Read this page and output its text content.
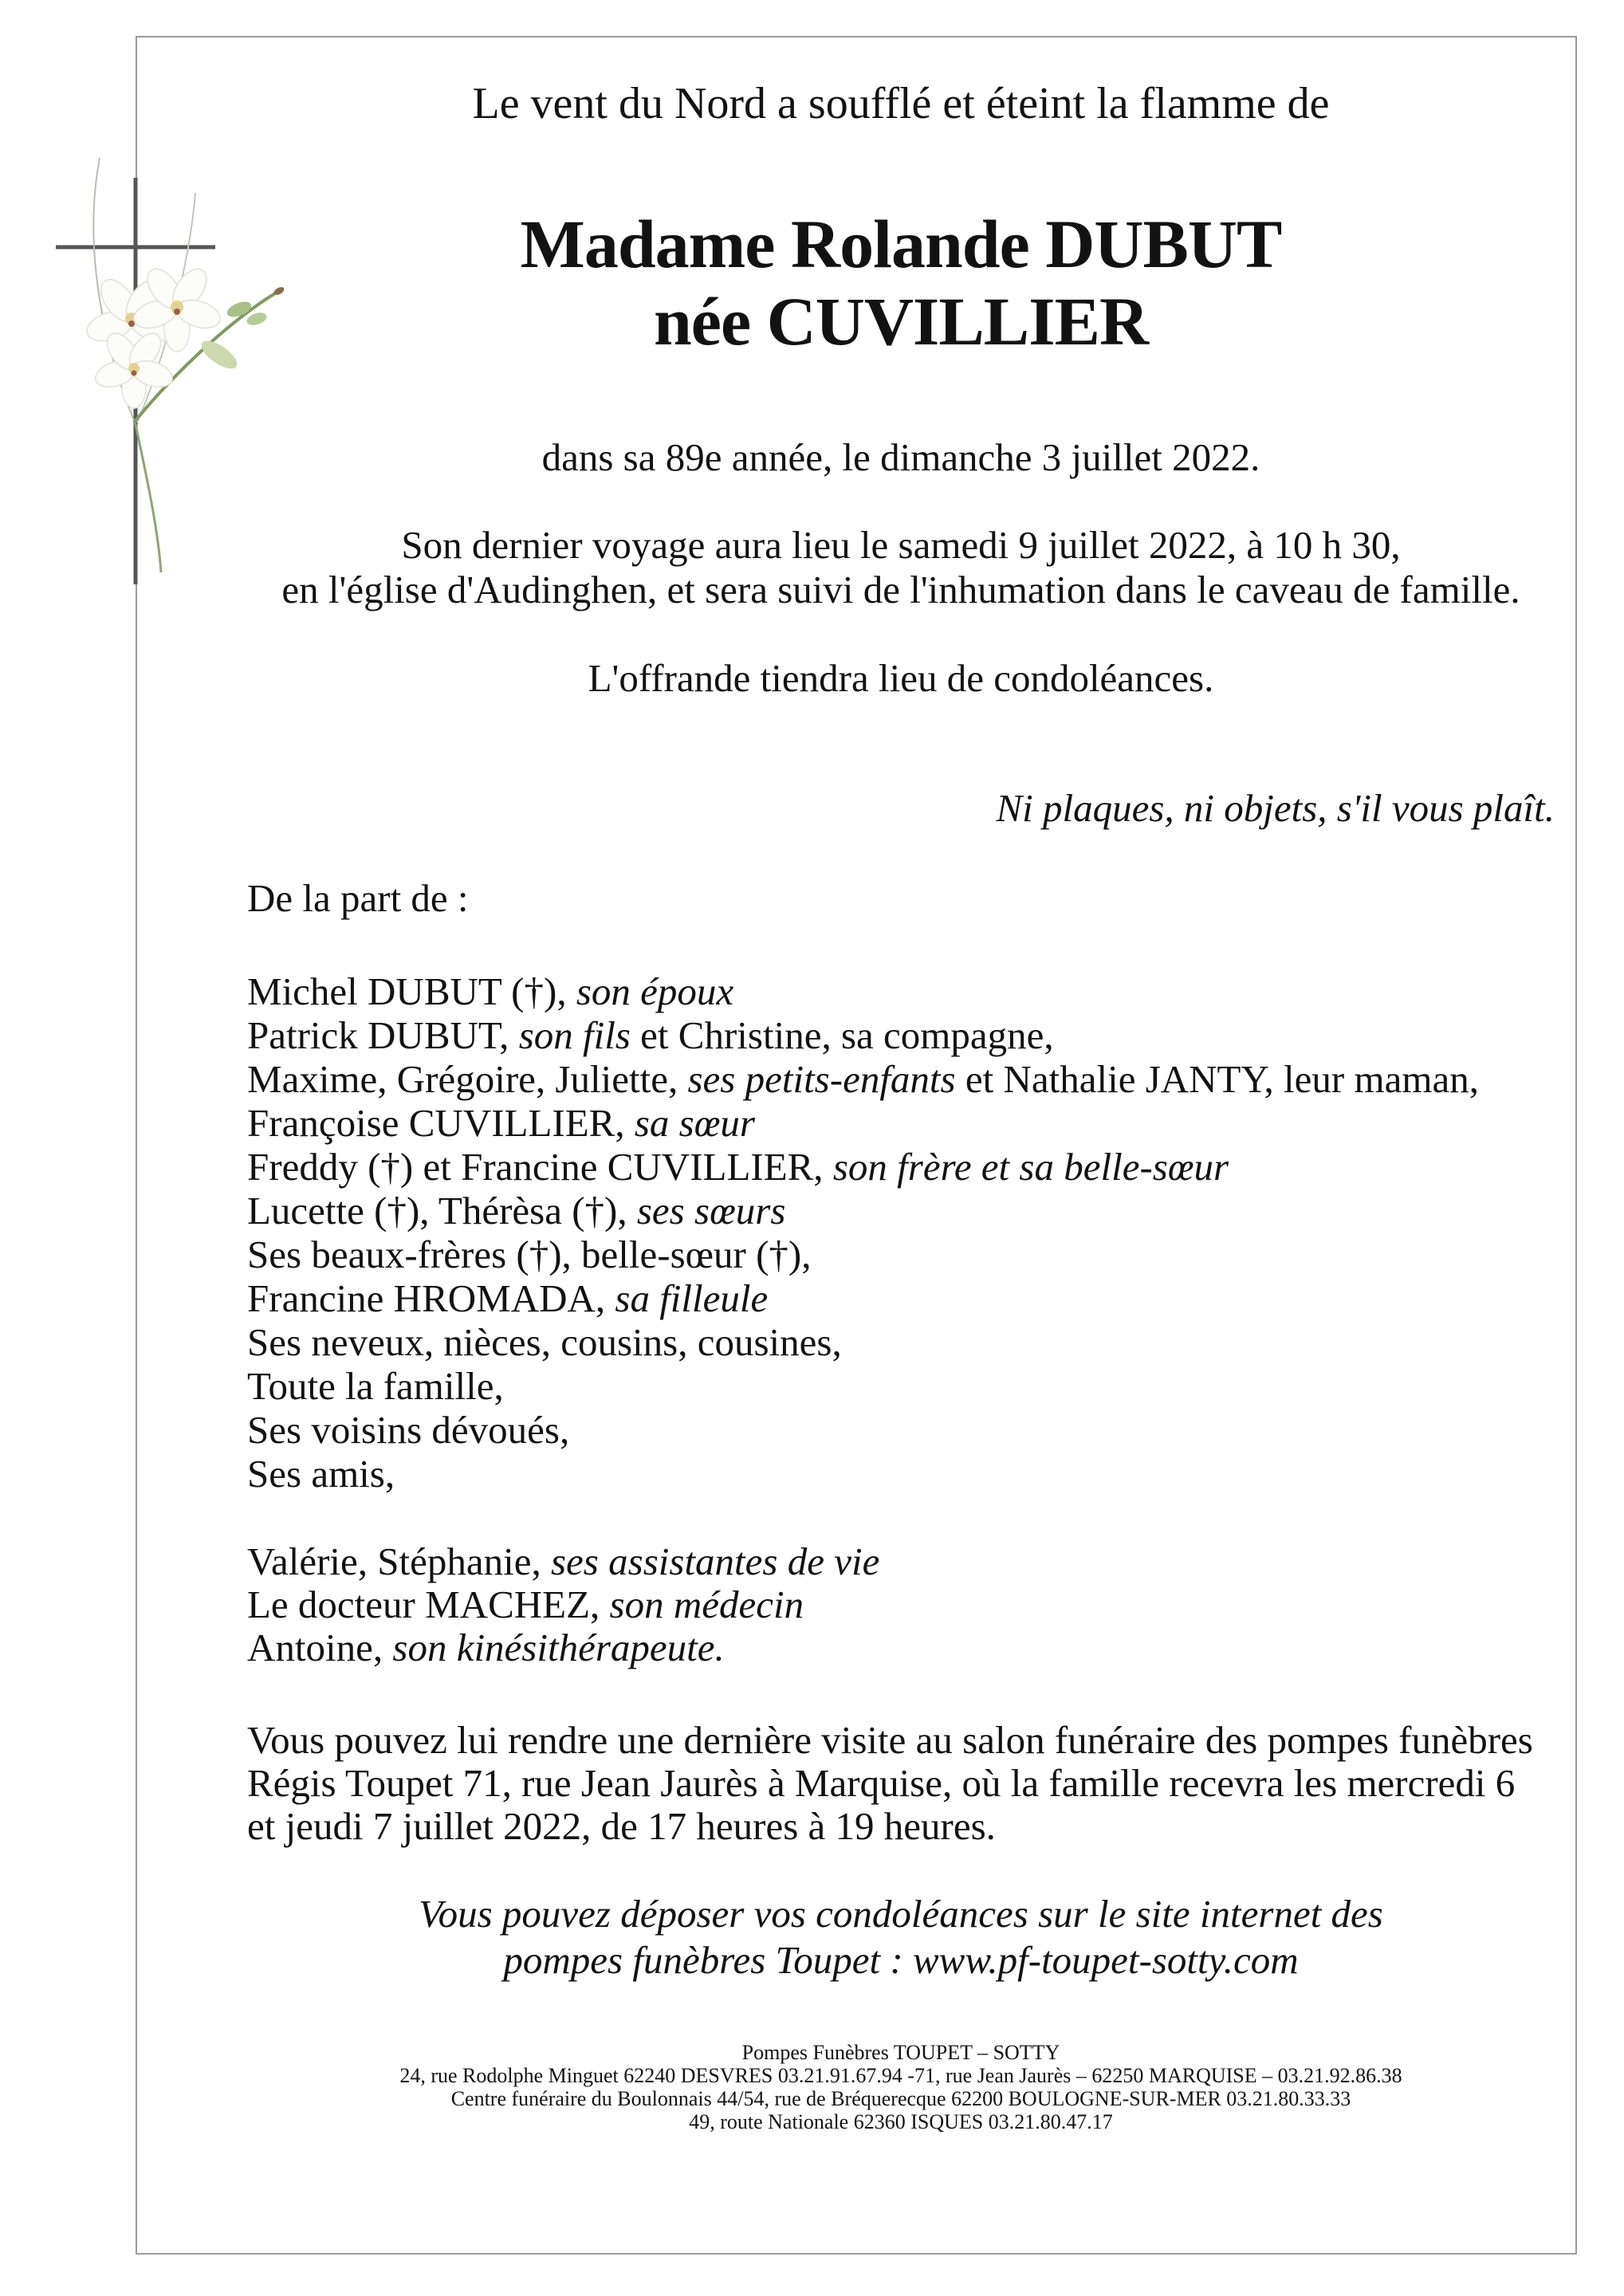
Le vent du Nord a soufflé et éteint la flamme de
Madame Rolande DUBUT
née CUVILLIER
dans sa 89e année, le dimanche 3 juillet 2022.
Son dernier voyage aura lieu le samedi 9 juillet 2022, à 10 h 30,
en l'église d'Audinghen, et sera suivi de l'inhumation dans le caveau de famille.
L'offrande tiendra lieu de condoléances.
Ni plaques, ni objets, s'il vous plaît.
De la part de :
Michel DUBUT (†), son époux
Patrick DUBUT, son fils et Christine, sa compagne,
Maxime, Grégoire, Juliette, ses petits-enfants et Nathalie JANTY, leur maman,
Françoise CUVILLIER, sa sœur
Freddy (†) et Francine CUVILLIER, son frère et sa belle-sœur
Lucette (†), Thérèsa (†), ses sœurs
Ses beaux-frères (†), belle-sœur (†),
Francine HROMADA, sa filleule
Ses neveux, nièces, cousins, cousines,
Toute la famille,
Ses voisins dévoués,
Ses amis,
Valérie, Stéphanie, ses assistantes de vie
Le docteur MACHEZ, son médecin
Antoine, son kinésithérapeute.
Vous pouvez lui rendre une dernière visite au salon funéraire des pompes funèbres
Régis Toupet 71, rue Jean Jaurès à Marquise, où la famille recevra les mercredi 6
et jeudi 7 juillet 2022, de 17 heures à 19 heures.
Vous pouvez déposer vos condoléances sur le site internet des
pompes funèbres Toupet : www.pf-toupet-sotty.com
Pompes Funèbres TOUPET – SOTTY
24, rue Rodolphe Minguet 62240 DESVRES 03.21.91.67.94 -71, rue Jean Jaurès – 62250 MARQUISE – 03.21.92.86.38
Centre funéraire du Boulonnais 44/54, rue de Bréquerecque 62200 BOULOGNE-SUR-MER 03.21.80.33.33
49, route Nationale 62360 ISQUES 03.21.80.47.17
